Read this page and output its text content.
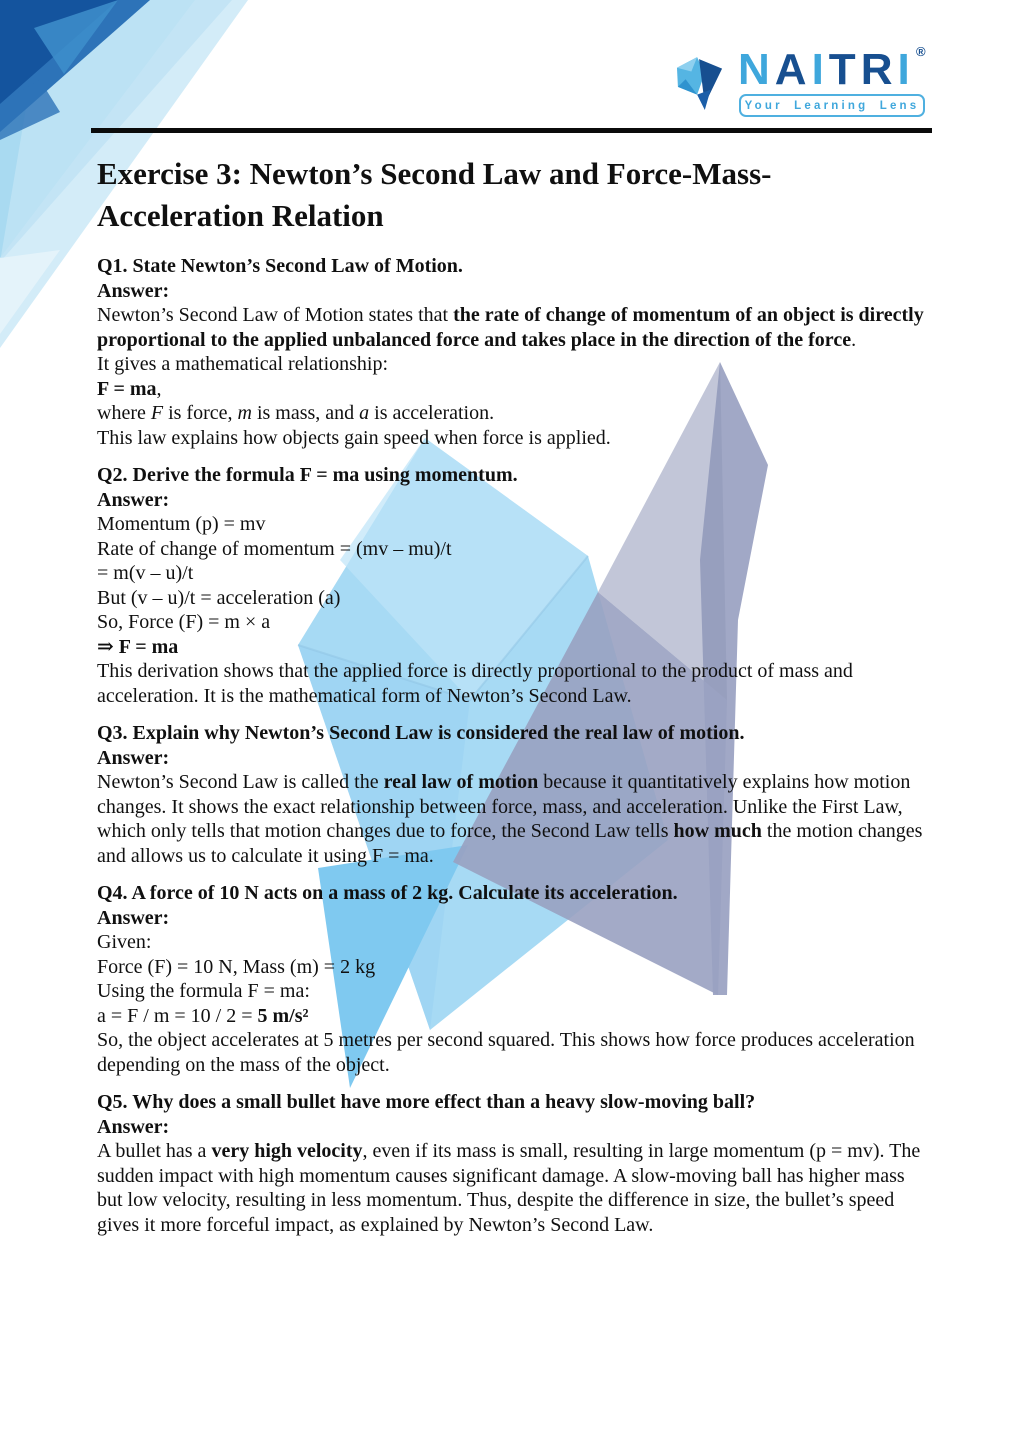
NAITRI ®
Your Learning Lens
Exercise 3: Newton’s Second Law and Force-Mass-Acceleration Relation

Q1. State Newton’s Second Law of Motion.

Answer:

Newton’s Second Law of Motion states that the rate of change of momentum of an object is directly proportional to the applied unbalanced force and takes place in the direction of the force.

It gives a mathematical relationship:

F = ma,

where F is force, m is mass, and a is acceleration.

This law explains how objects gain speed when force is applied.

Q2. Derive the formula F = ma using momentum.

Answer:

Momentum (p) = mv

Rate of change of momentum = (mv – mu)/t

= m(v – u)/t

But (v – u)/t = acceleration (a)

So, Force (F) = m × a

⇒ F = ma

This derivation shows that the applied force is directly proportional to the product of mass and acceleration. It is the mathematical form of Newton’s Second Law.

Q3. Explain why Newton’s Second Law is considered the real law of motion.

Answer:

Newton’s Second Law is called the real law of motion because it quantitatively explains how motion changes. It shows the exact relationship between force, mass, and acceleration. Unlike the First Law, which only tells that motion changes due to force, the Second Law tells how much the motion changes and allows us to calculate it using F = ma.

Q4. A force of 10 N acts on a mass of 2 kg. Calculate its acceleration.

Answer:

Given:

Force (F) = 10 N, Mass (m) = 2 kg

Using the formula F = ma:

a = F / m = 10 / 2 = 5 m/s²

So, the object accelerates at 5 metres per second squared. This shows how force produces acceleration depending on the mass of the object.

Q5. Why does a small bullet have more effect than a heavy slow-moving ball?

Answer:

A bullet has a very high velocity, even if its mass is small, resulting in large momentum (p = mv). The sudden impact with high momentum causes significant damage. A slow-moving ball has higher mass but low velocity, resulting in less momentum. Thus, despite the difference in size, the bullet’s speed gives it more forceful impact, as explained by Newton’s Second Law.
